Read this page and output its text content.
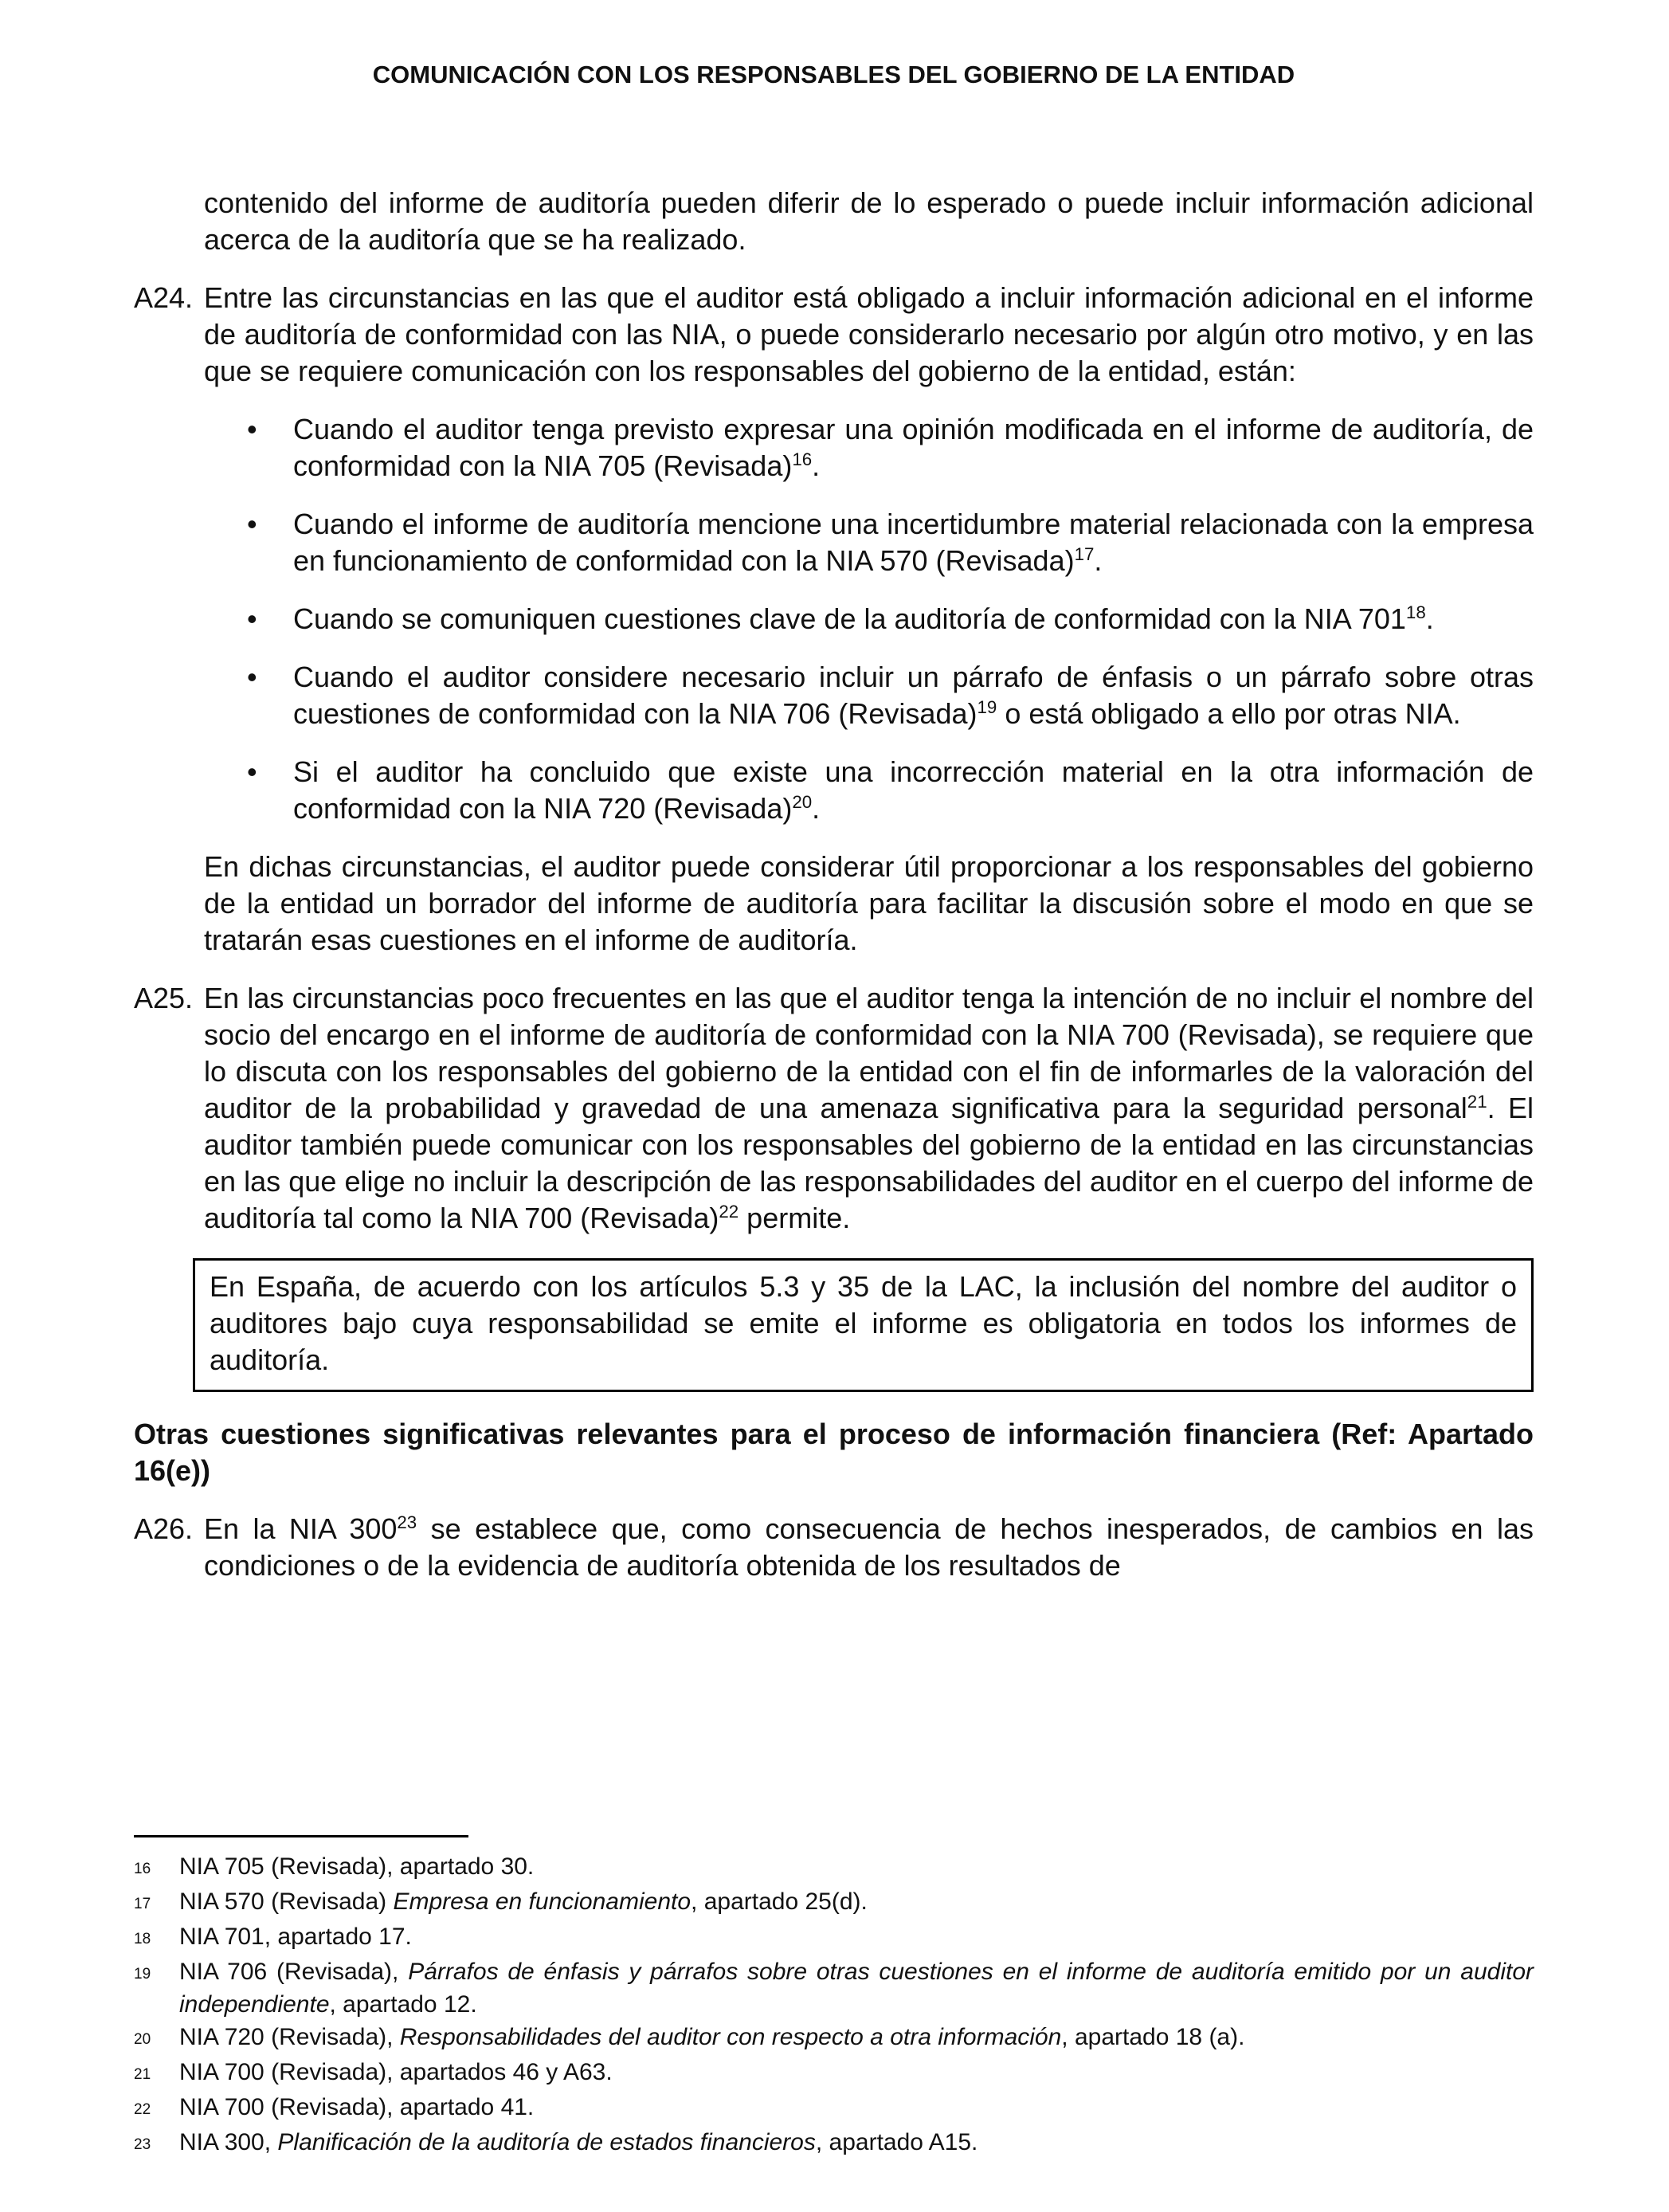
COMUNICACIÓN CON LOS RESPONSABLES DEL GOBIERNO DE LA ENTIDAD

contenido del informe de auditoría pueden diferir de lo esperado o puede incluir información adicional acerca de la auditoría que se ha realizado.

A24. Entre las circunstancias en las que el auditor está obligado a incluir información adicional en el informe de auditoría de conformidad con las NIA, o puede considerarlo necesario por algún otro motivo, y en las que se requiere comunicación con los responsables del gobierno de la entidad, están:

•	Cuando el auditor tenga previsto expresar una opinión modificada en el informe de auditoría, de conformidad con la NIA 705 (Revisada)$^{16}$.
•	Cuando el informe de auditoría mencione una incertidumbre material relacionada con la empresa en funcionamiento de conformidad con la NIA 570 (Revisada)$^{17}$.
•	Cuando se comuniquen cuestiones clave de la auditoría de conformidad con la NIA $701^{18}$.
•	Cuando el auditor considere necesario incluir un párrafo de énfasis o un párrafo sobre otras cuestiones de conformidad con la NIA 706 (Revisada)$^{19}$ o está obligado a ello por otras NIA.
•	Si el auditor ha concluido que existe una incorrección material en la otra información de conformidad con la NIA 720 (Revisada)$^{20}$.

En dichas circunstancias, el auditor puede considerar útil proporcionar a los responsables del gobierno de la entidad un borrador del informe de auditoría para facilitar la discusión sobre el modo en que se tratarán esas cuestiones en el informe de auditoría.

A25. En las circunstancias poco frecuentes en las que el auditor tenga la intención de no incluir el nombre del socio del encargo en el informe de auditoría de conformidad con la NIA 700 (Revisada), se requiere que lo discuta con los responsables del gobierno de la entidad con el fin de informarles de la valoración del auditor de la probabilidad y gravedad de una amenaza significativa para la seguridad personal$^{21}$. El auditor también puede comunicar con los responsables del gobierno de la entidad en las circunstancias en las que elige no incluir la descripción de las responsabilidades del auditor en el cuerpo del informe de auditoría tal como la NIA 700 (Revisada)$^{22}$ permite.

En España, de acuerdo con los artículos 5.3 y 35 de la LAC, la inclusión del nombre del auditor o auditores bajo cuya responsabilidad se emite el informe es obligatoria en todos los informes de auditoría.

Otras cuestiones significativas relevantes para el proceso de información financiera (Ref: Apartado 16(e))

A26. En la NIA $300^{23}$ se establece que, como consecuencia de hechos inesperados, de cambios en las condiciones o de la evidencia de auditoría obtenida de los resultados de

16	NIA 705 (Revisada), apartado 30.
17	NIA 570 (Revisada) Empresa en funcionamiento, apartado 25(d).
18	NIA 701, apartado 17.
19	NIA 706 (Revisada), Párrafos de énfasis y párrafos sobre otras cuestiones en el informe de auditoría emitido por un auditor independiente, apartado 12.
20	NIA 720 (Revisada), Responsabilidades del auditor con respecto a otra información, apartado 18 (a).
21	NIA 700 (Revisada), apartados 46 y A63.
22	NIA 700 (Revisada), apartado 41.
23	NIA 300, Planificación de la auditoría de estados financieros, apartado A15.
